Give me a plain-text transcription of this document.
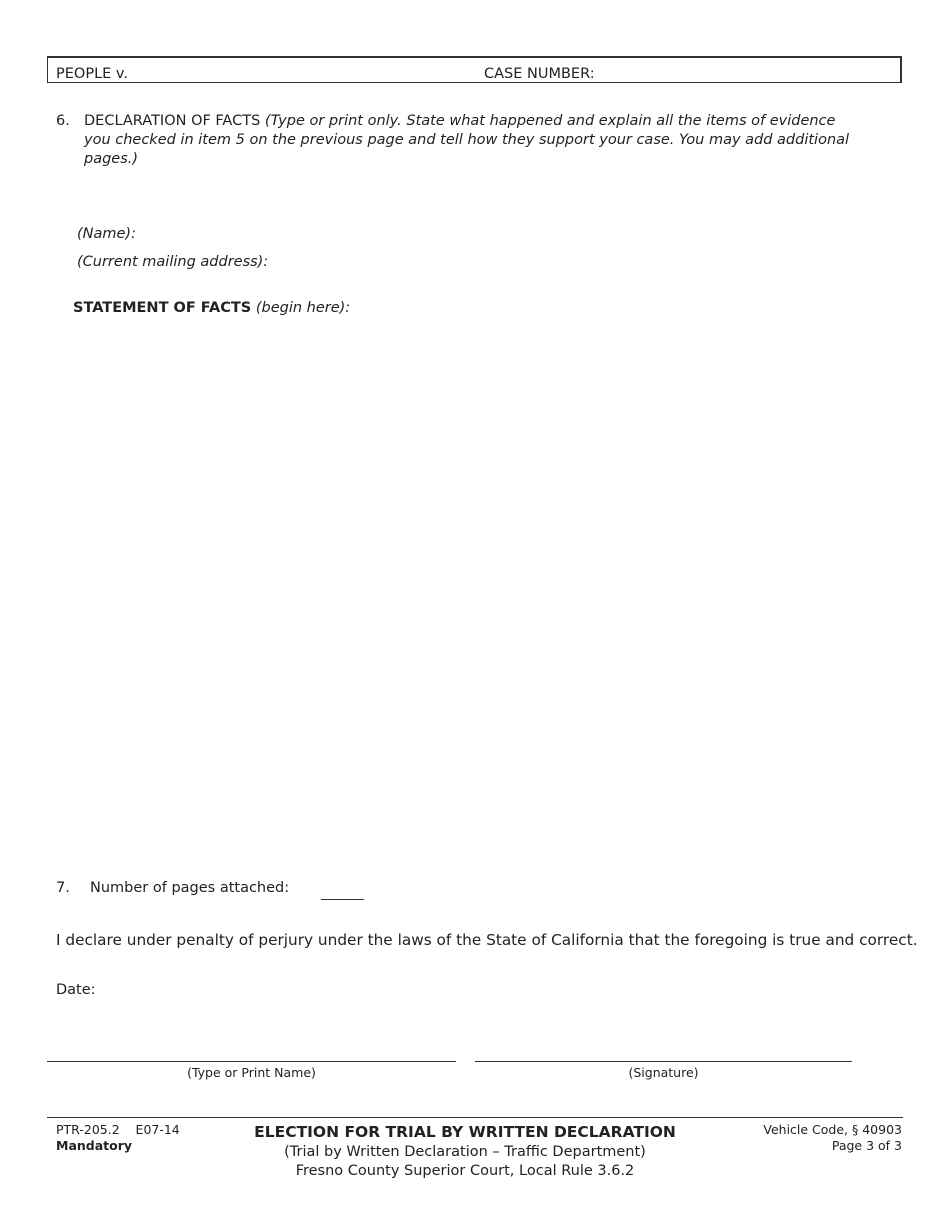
PEOPLE v.	CASE NUMBER:
6. DECLARATION OF FACTS (Type or print only. State what happened and explain all the items of evidence
you checked in item 5 on the previous page and tell how they support your case. You may add additional
pages.)
(Name):
(Current mailing address):
STATEMENT OF FACTS (begin here):
7. Number of pages attached:
I declare under penalty of perjury under the laws of the State of California that the foregoing is true and correct.
Date:
(Type or Print Name)	(Signature)
PTR-205.2    E07-14
Mandatory
ELECTION FOR TRIAL BY WRITTEN DECLARATION
(Trial by Written Declaration – Traffic Department)
Fresno County Superior Court, Local Rule 3.6.2
Vehicle Code, § 40903
Page 3 of 3
